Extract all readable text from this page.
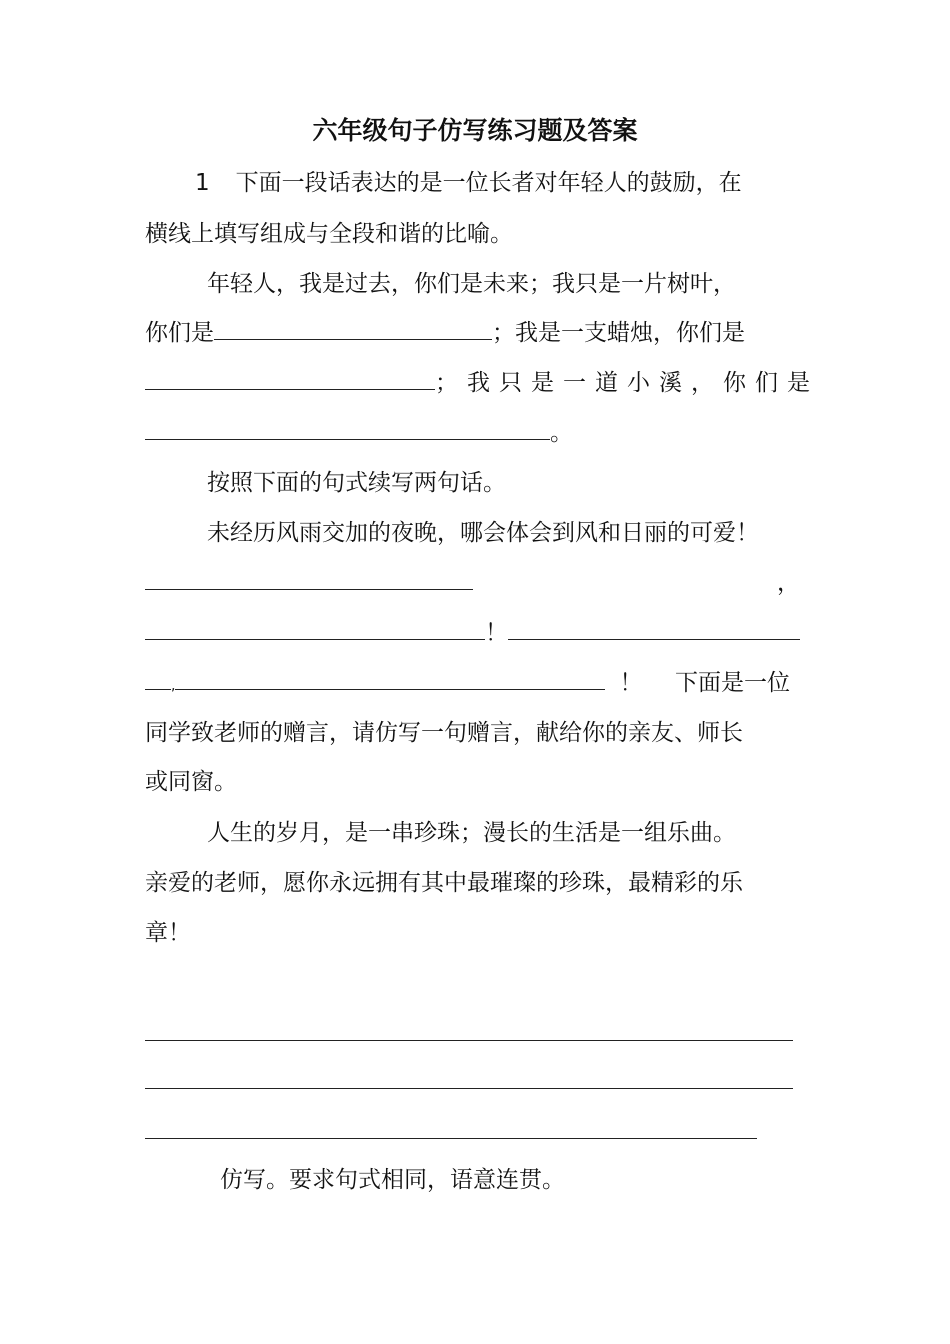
六年级句子仿写练习题及答案
1 下面一段话表达的是一位长者对年轻人的鼓励，在
横线上填写组成与全段和谐的比喻。
年轻人，我是过去，你们是未来；我只是一片树叶，
你们是	；我是一支蜡烛，你们是
；我只是一道小溪，你们是
。
按照下面的句式续写两句话。
未经历风雨交加的夜晚，哪会体会到风和日丽的可爱！
，
！
,	！ 下面是一位
同学致老师的赠言，请仿写一句赠言，献给你的亲友、师长
或同窗。
人生的岁月，是一串珍珠；漫长的生活是一组乐曲。
亲爱的老师，愿你永远拥有其中最璀璨的珍珠，最精彩的乐
章！
仿写。要求句式相同，语意连贯。
